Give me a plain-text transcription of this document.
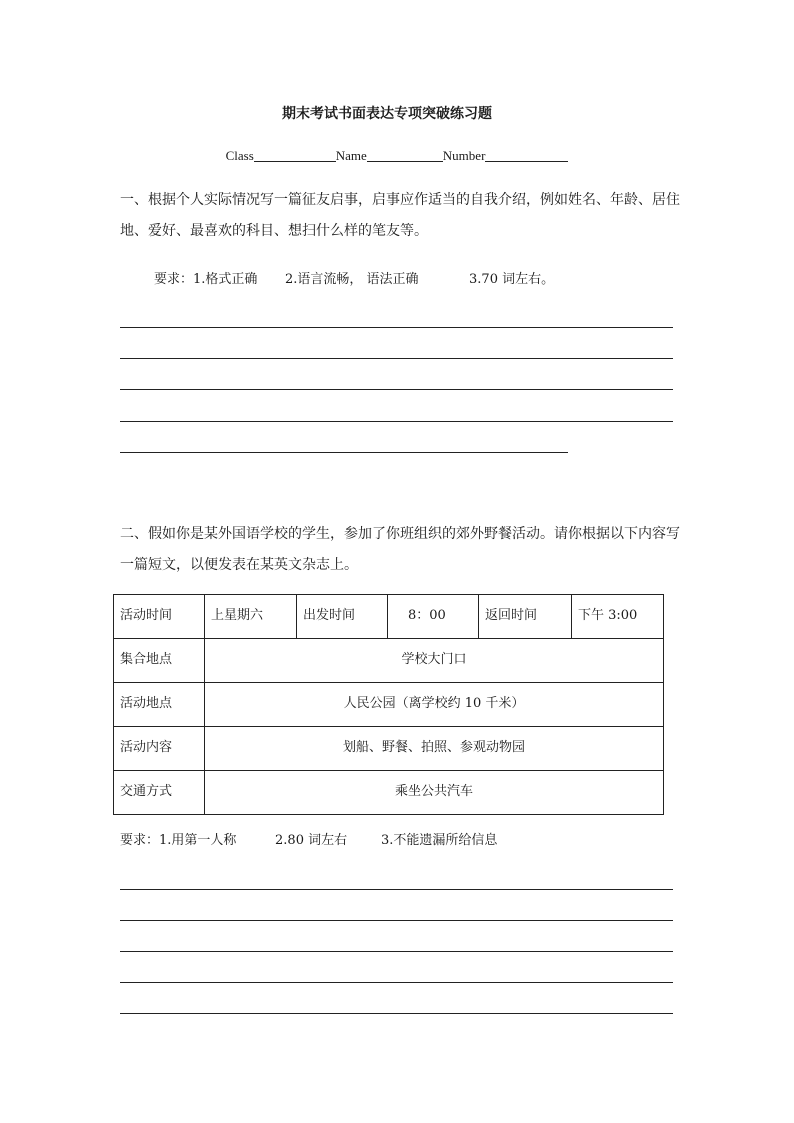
期末考试书面表达专项突破练习题
Class	Name	Number
一、根据个人实际情况写一篇征友启事，启事应作适当的自我介绍，例如姓名、年龄、居住地、爱好、最喜欢的科目、想扫什么样的笔友等。
要求：1.格式正确 2.语言流畅， 语法正确	3.70 词左右。
二、假如你是某外国语学校的学生，参加了你班组织的郊外野餐活动。请你根据以下内容写一篇短文，以便发表在某英文杂志上。
活动时间	上星期六	出发时间	8：00	返回时间	下午 3:00
集合地点	学校大门口				
活动地点	人民公园（离学校约 10 千米）				
活动内容	划船、野餐、拍照、参观动物园				
交通方式	乘坐公共汽车				
要求：1.用第一人称	2.80 词左右	3.不能遗漏所给信息
